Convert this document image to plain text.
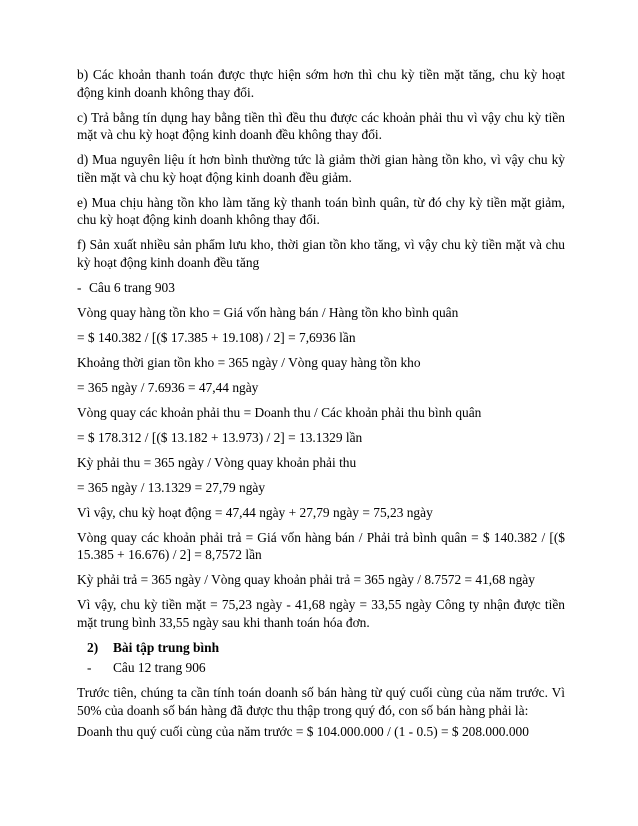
b) Các khoản thanh toán được thực hiện sớm hơn thì chu kỳ tiền mặt tăng, chu kỳ hoạt động kinh doanh không thay đổi.

c) Trả bằng tín dụng hay bằng tiền thì đều thu được các khoản phải thu vì vậy chu kỳ tiền mặt và chu kỳ hoạt động kinh doanh đều không thay đổi.

d) Mua nguyên liệu ít hơn bình thường tức là giảm thời gian hàng tồn kho, vì vậy chu kỳ tiền mặt và chu kỳ hoạt động kinh doanh đều giảm.

e) Mua chịu hàng tồn kho làm tăng kỳ thanh toán bình quân, từ đó chy kỳ tiền mặt giảm, chu kỳ hoạt động kinh doanh không thay đổi.

f) Sản xuất nhiều sản phẩm lưu kho, thời gian tồn kho tăng, vì vậy chu kỳ tiền mặt và chu kỳ hoạt động kinh doanh đều tăng

- Câu 6 trang 903

Vòng quay hàng tồn kho = Giá vốn hàng bán / Hàng tồn kho bình quân

= $ 140.382 / [($ 17.385 + 19.108) / 2] = 7,6936 lần

Khoảng thời gian tồn kho = 365 ngày / Vòng quay hàng tồn kho

= 365 ngày / 7.6936 = 47,44 ngày

Vòng quay các khoản phải thu = Doanh thu / Các khoản phải thu bình quân

= $ 178.312 / [($ 13.182 + 13.973) / 2] = 13.1329 lần

Kỳ phải thu = 365 ngày / Vòng quay khoản phải thu

= 365 ngày / 13.1329 = 27,79 ngày

Vì vậy, chu kỳ hoạt động = 47,44 ngày + 27,79 ngày = 75,23 ngày

Vòng quay các khoản phải trả = Giá vốn hàng bán / Phải trả bình quân = $ 140.382 / [($ 15.385 + 16.676) / 2] = 8,7572 lần

Kỳ phải trả = 365 ngày / Vòng quay khoản phải trả = 365 ngày / 8.7572 = 41,68 ngày

Vì vậy, chu kỳ tiền mặt = 75,23 ngày - 41,68 ngày = 33,55 ngày Công ty nhận được tiền mặt trung bình 33,55 ngày sau khi thanh toán hóa đơn.

2)	Bài tập trung bình
-	Câu 12 trang 906

Trước tiên, chúng ta cần tính toán doanh số bán hàng từ quý cuối cùng của năm trước. Vì 50% của doanh số bán hàng đã được thu thập trong quý đó, con số bán hàng phải là:

Doanh thu quý cuối cùng của năm trước = $ 104.000.000 / (1 - 0.5) = $ 208.000.000
